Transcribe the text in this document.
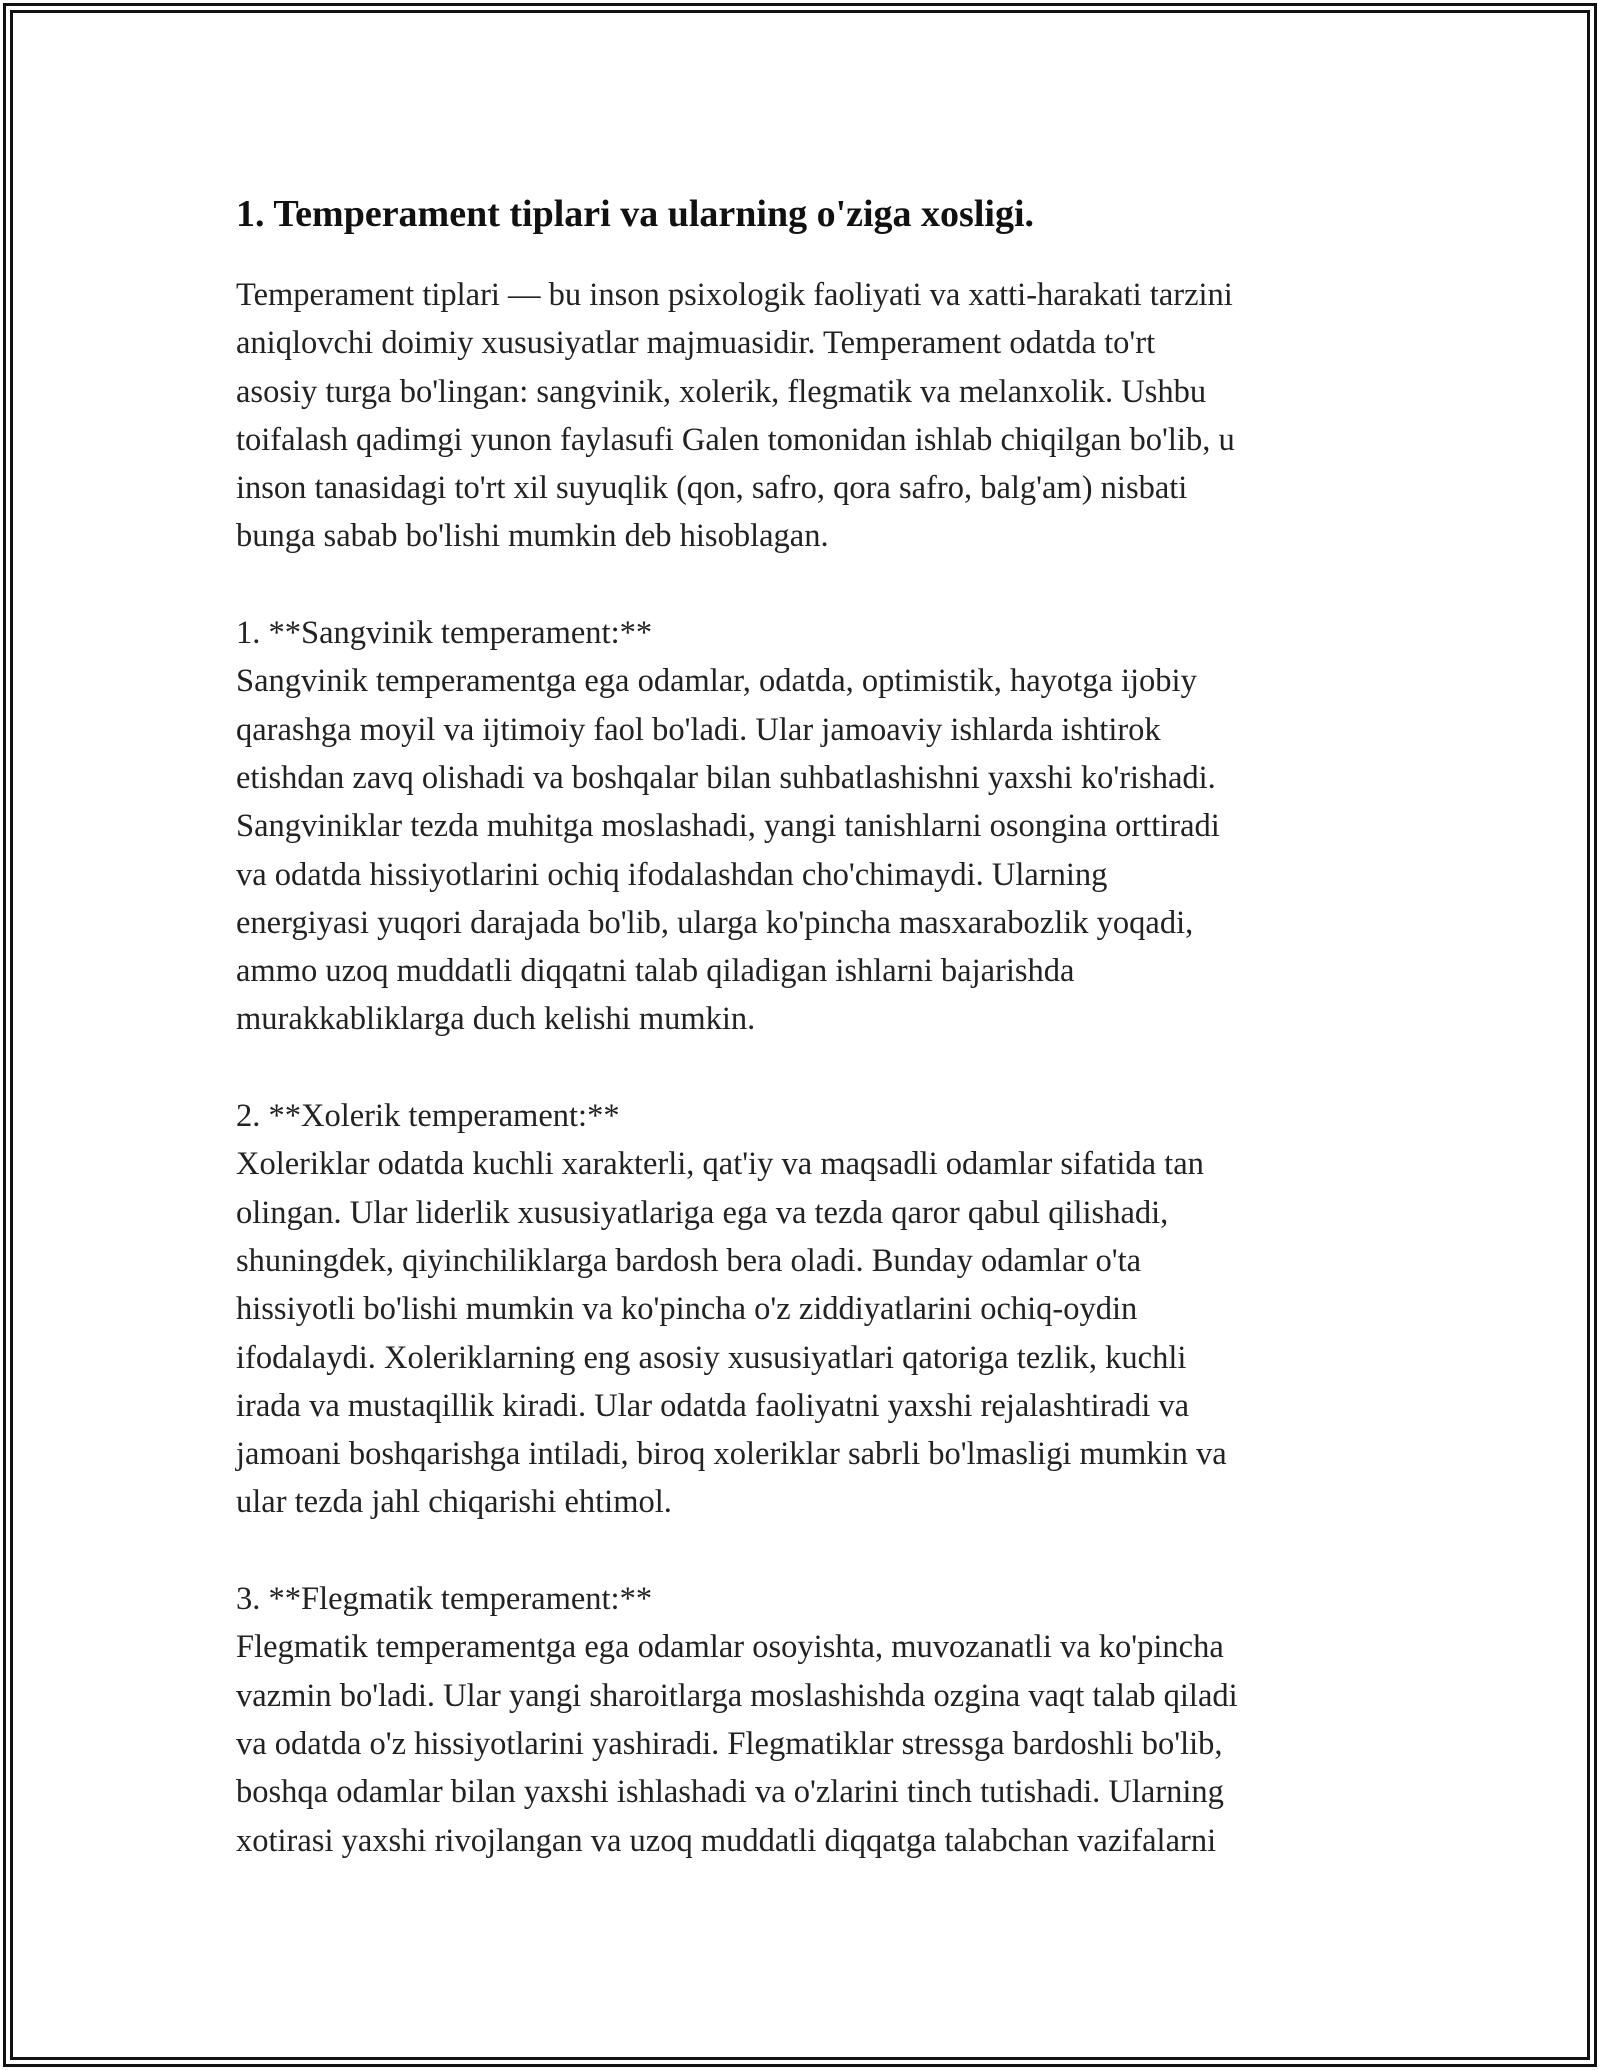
1. Temperament tiplari va ularning o'ziga xosligi.

Temperament tiplari — bu inson psixologik faoliyati va xatti-harakati tarzini
aniqlovchi doimiy xususiyatlar majmuasidir. Temperament odatda to'rt
asosiy turga bo'lingan: sangvinik, xolerik, flegmatik va melanxolik. Ushbu
toifalash qadimgi yunon faylasufi Galen tomonidan ishlab chiqilgan bo'lib, u
inson tanasidagi to'rt xil suyuqlik (qon, safro, qora safro, balg'am) nisbati
bunga sabab bo'lishi mumkin deb hisoblagan.

1. **Sangvinik temperament:**
Sangvinik temperamentga ega odamlar, odatda, optimistik, hayotga ijobiy
qarashga moyil va ijtimoiy faol bo'ladi. Ular jamoaviy ishlarda ishtirok
etishdan zavq olishadi va boshqalar bilan suhbatlashishni yaxshi ko'rishadi.
Sangviniklar tezda muhitga moslashadi, yangi tanishlarni osongina orttiradi
va odatda hissiyotlarini ochiq ifodalashdan cho'chimaydi. Ularning
energiyasi yuqori darajada bo'lib, ularga ko'pincha masxarabozlik yoqadi,
ammo uzoq muddatli diqqatni talab qiladigan ishlarni bajarishda
murakkabliklarga duch kelishi mumkin.

2. **Xolerik temperament:**
Xoleriklar odatda kuchli xarakterli, qat'iy va maqsadli odamlar sifatida tan
olingan. Ular liderlik xususiyatlariga ega va tezda qaror qabul qilishadi,
shuningdek, qiyinchiliklarga bardosh bera oladi. Bunday odamlar o'ta
hissiyotli bo'lishi mumkin va ko'pincha o'z ziddiyatlarini ochiq-oydin
ifodalaydi. Xoleriklarning eng asosiy xususiyatlari qatoriga tezlik, kuchli
irada va mustaqillik kiradi. Ular odatda faoliyatni yaxshi rejalashtiradi va
jamoani boshqarishga intiladi, biroq xoleriklar sabrli bo'lmasligi mumkin va
ular tezda jahl chiqarishi ehtimol.

3. **Flegmatik temperament:**
Flegmatik temperamentga ega odamlar osoyishta, muvozanatli va ko'pincha
vazmin bo'ladi. Ular yangi sharoitlarga moslashishda ozgina vaqt talab qiladi
va odatda o'z hissiyotlarini yashiradi. Flegmatiklar stressga bardoshli bo'lib,
boshqa odamlar bilan yaxshi ishlashadi va o'zlarini tinch tutishadi. Ularning
xotirasi yaxshi rivojlangan va uzoq muddatli diqqatga talabchan vazifalarni
